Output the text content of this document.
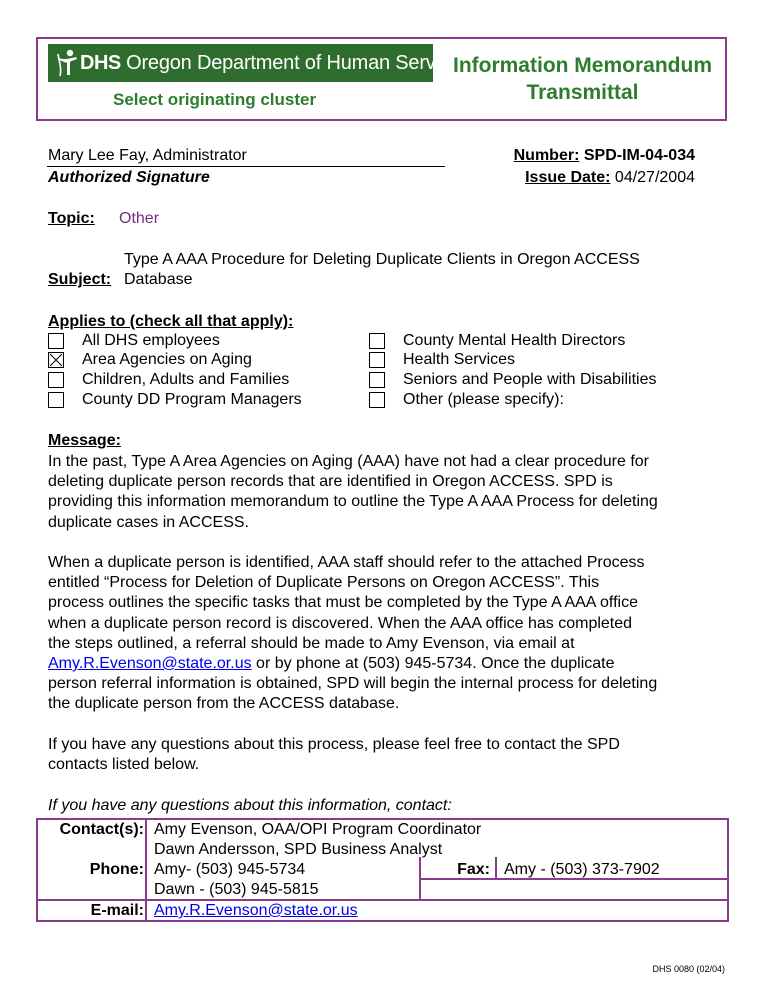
DHS Oregon Department of Human Services
Select originating cluster
Information Memorandum
Transmittal
Mary Lee Fay, Administrator
Authorized Signature
Number: SPD-IM-04-034
Issue Date: 04/27/2004
Topic: Other
Type A AAA Procedure for Deleting Duplicate Clients in Oregon ACCESS
Subject: Database
Applies to (check all that apply):
All DHS employees
Area Agencies on Aging
Children, Adults and Families
County DD Program Managers
County Mental Health Directors
Health Services
Seniors and People with Disabilities
Other (please specify):
Message:
In the past, Type A Area Agencies on Aging (AAA) have not had a clear procedure for
deleting duplicate person records that are identified in Oregon ACCESS. SPD is
providing this information memorandum to outline the Type A AAA Process for deleting
duplicate cases in ACCESS.
When a duplicate person is identified, AAA staff should refer to the attached Process
entitled “Process for Deletion of Duplicate Persons on Oregon ACCESS”. This
process outlines the specific tasks that must be completed by the Type A AAA office
when a duplicate person record is discovered. When the AAA office has completed
the steps outlined, a referral should be made to Amy Evenson, via email at
Amy.R.Evenson@state.or.us or by phone at (503) 945-5734. Once the duplicate
person referral information is obtained, SPD will begin the internal process for deleting
the duplicate person from the ACCESS database.
If you have any questions about this process, please feel free to contact the SPD
contacts listed below.
If you have any questions about this information, contact:
Contact(s): Amy Evenson, OAA/OPI Program Coordinator
Dawn Andersson, SPD Business Analyst
Phone: Amy- (503) 945-5734
Dawn - (503) 945-5815
Fax: Amy - (503) 373-7902
E-mail: Amy.R.Evenson@state.or.us
DHS 0080 (02/04)
